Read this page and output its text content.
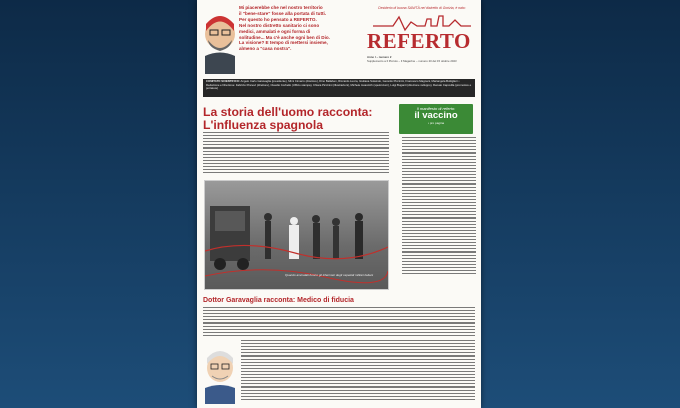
Mi piacerebbe che nel nostro territorio
il "bene-stare" fosse alla portata di tutti.
Per questo ho pensato a REFERTO.
Nel nostro distretto sanitario ci sono
medici, ammalati e ogni forma di
solitudine... Ma c'è anche ogni ben di Dio.
La visione? E tempo di mettersi insieme,
almeno a "casa nostra".
Desiderio di buona SANITÀ nel distretto di Gorizia, è nato:
REFERTO
Anno I – numero 2
Supplemento a Il Piccolo – Il Magazine – numero 20 del 15 ottobre 2023
COMITATO SCIENTIFICO: Angelo Carlo Garavaglia (presidente), Mimi Cimarro (direttore), Dino Ballaben, Riccardo Lucca, Giuliana Solaindo, Gerardo Piccinini, Francesco Magnani, Mariangela Buttiglieri • Redazione e Direzione: Fabrizio Pranovi (direttore), Claudio Corbello (Ufficio stampa), Chiara Piccinini (Illustrazioni), Michele Iovancich (spelorcioni), Luigi Buganti (direzione sviluppo), Renato Capovilla (promotore e portatore)
La storia dell'uomo racconta: L'influenza spagnola
Il manifesto di referto:
il vaccino
• pro pagina
Quando ammalati furono gli infermieri degli ospedali militari italiani
Dottor Garavaglia racconta: Medico di fiducia
